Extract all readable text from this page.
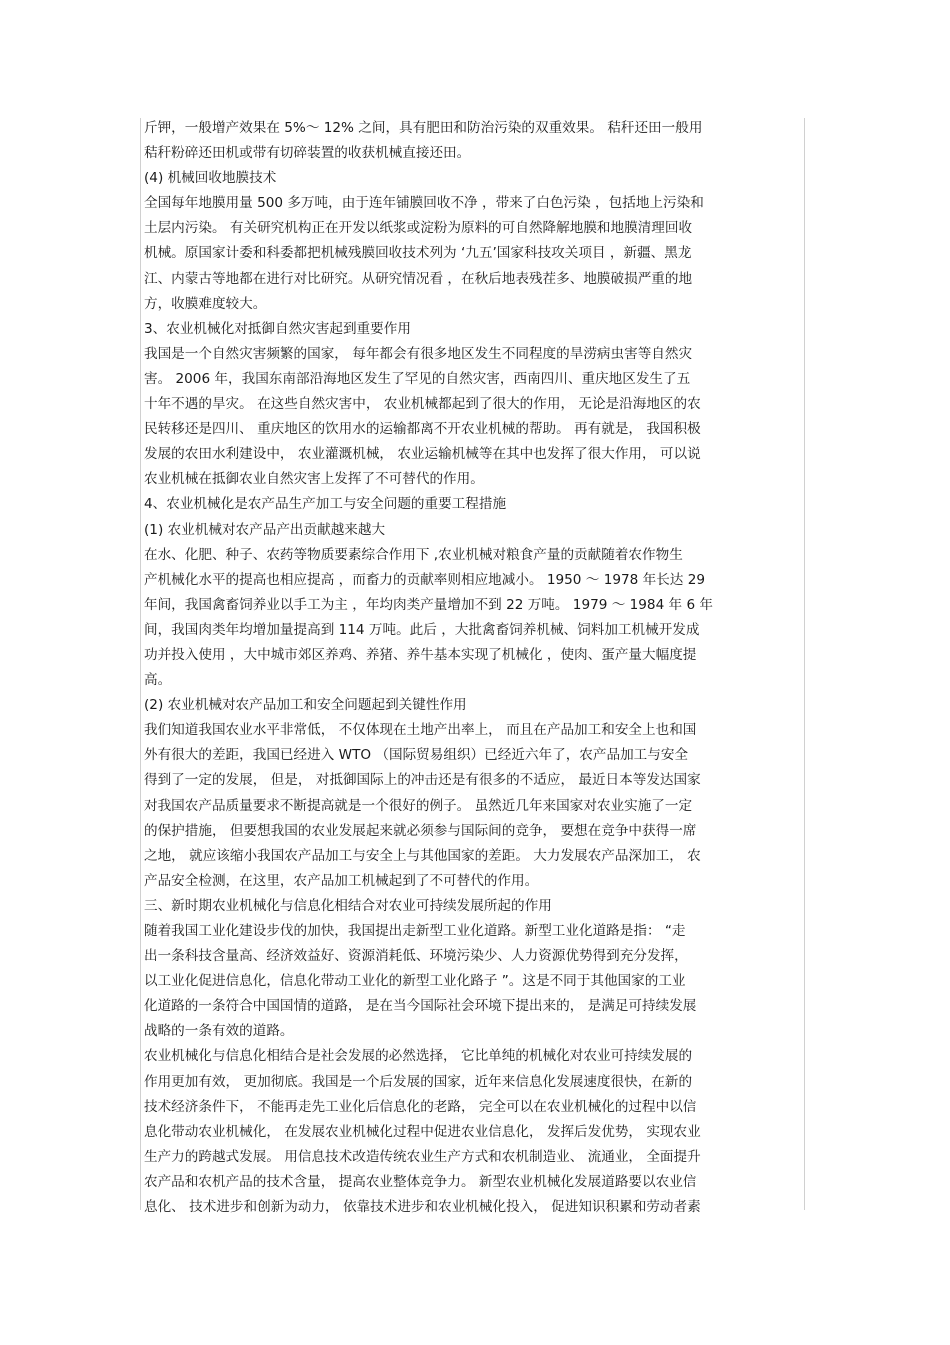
斤钾，一般增产效果在 5%～ 12% 之间，具有肥田和防治污染的双重效果。 秸秆还田一般用
秸秆粉碎还田机或带有切碎装置的收获机械直接还田。
(4) 机械回收地膜技术
全国每年地膜用量 500 多万吨，由于连年铺膜回收不净 ，带来了白色污染 ，包括地上污染和
土层内污染。 有关研究机构正在开发以纸浆或淀粉为原料的可自然降解地膜和地膜清理回收
机械。原国家计委和科委都把机械残膜回收技术列为 ‘九五’国家科技攻关项目 ，新疆、黑龙
江、内蒙古等地都在进行对比研究。从研究情况看 ，在秋后地表残茬多、地膜破损严重的地
方，收膜难度较大。
3、农业机械化对抵御自然灾害起到重要作用
我国是一个自然灾害频繁的国家， 每年都会有很多地区发生不同程度的旱涝病虫害等自然灾
害。 2006 年，我国东南部沿海地区发生了罕见的自然灾害，西南四川、重庆地区发生了五
十年不遇的旱灾。 在这些自然灾害中， 农业机械都起到了很大的作用， 无论是沿海地区的农
民转移还是四川、 重庆地区的饮用水的运输都离不开农业机械的帮助。 再有就是， 我国积极
发展的农田水利建设中， 农业灌溉机械， 农业运输机械等在其中也发挥了很大作用， 可以说
农业机械在抵御农业自然灾害上发挥了不可替代的作用。
4、农业机械化是农产品生产加工与安全问题的重要工程措施
(1) 农业机械对农产品产出贡献越来越大
在水、化肥、种子、农药等物质要素综合作用下 ,农业机械对粮食产量的贡献随着农作物生
产机械化水平的提高也相应提高 ，而畜力的贡献率则相应地减小。 1950 ～ 1978 年长达 29
年间，我国禽畜饲养业以手工为主 ，年均肉类产量增加不到 22 万吨。 1979 ～ 1984 年 6 年
间，我国肉类年均增加量提高到 114 万吨。此后 ，大批禽畜饲养机械、饲料加工机械开发成
功并投入使用 ，大中城市郊区养鸡、养猪、养牛基本实现了机械化 ，使肉、蛋产量大幅度提
高。
(2) 农业机械对农产品加工和安全问题起到关键性作用
我们知道我国农业水平非常低， 不仅体现在土地产出率上， 而且在产品加工和安全上也和国
外有很大的差距，我国已经进入 WTO （国际贸易组织）已经近六年了，农产品加工与安全
得到了一定的发展， 但是， 对抵御国际上的冲击还是有很多的不适应， 最近日本等发达国家
对我国农产品质量要求不断提高就是一个很好的例子。 虽然近几年来国家对农业实施了一定
的保护措施， 但要想我国的农业发展起来就必须参与国际间的竞争， 要想在竞争中获得一席
之地， 就应该缩小我国农产品加工与安全上与其他国家的差距。 大力发展农产品深加工， 农
产品安全检测，在这里，农产品加工机械起到了不可替代的作用。
三、新时期农业机械化与信息化相结合对农业可持续发展所起的作用
随着我国工业化建设步伐的加快，我国提出走新型工业化道路。新型工业化道路是指： “走
出一条科技含量高、经济效益好、资源消耗低、环境污染少、人力资源优势得到充分发挥，
以工业化促进信息化，信息化带动工业化的新型工业化路子 ”。这是不同于其他国家的工业
化道路的一条符合中国国情的道路， 是在当今国际社会环境下提出来的， 是满足可持续发展
战略的一条有效的道路。
农业机械化与信息化相结合是社会发展的必然选择， 它比单纯的机械化对农业可持续发展的
作用更加有效， 更加彻底。我国是一个后发展的国家，近年来信息化发展速度很快，在新的
技术经济条件下， 不能再走先工业化后信息化的老路， 完全可以在农业机械化的过程中以信
息化带动农业机械化， 在发展农业机械化过程中促进农业信息化， 发挥后发优势， 实现农业
生产力的跨越式发展。 用信息技术改造传统农业生产方式和农机制造业、 流通业， 全面提升
农产品和农机产品的技术含量， 提高农业整体竞争力。 新型农业机械化发展道路要以农业信
息化、 技术进步和创新为动力， 依靠技术进步和农业机械化投入， 促进知识积累和劳动者素
